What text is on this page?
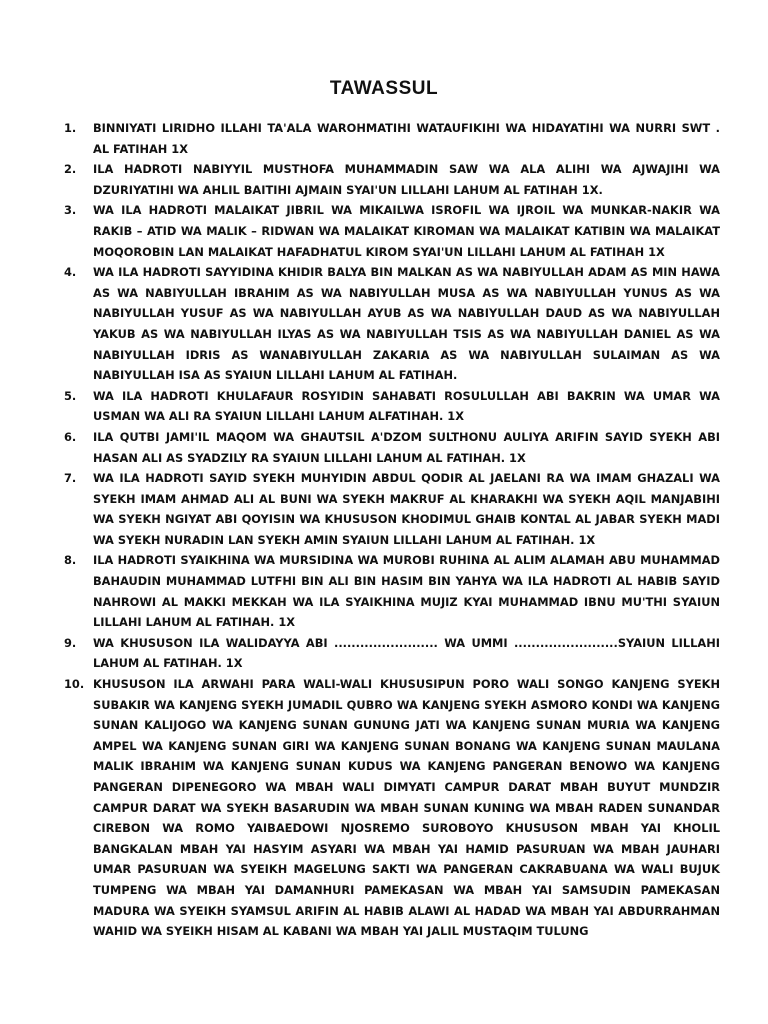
TAWASSUL
1. BINNIYATI LIRIDHO ILLAHI TA'ALA WAROHMATIHI WATAUFIKIHI WA HIDAYATIHI WA NURRI SWT . AL FATIHAH 1X
2. ILA HADROTI NABIYYIL MUSTHOFA MUHAMMADIN SAW WA ALA ALIHI WA AJWAJIHI WA DZURIYATIHI WA AHLIL BAITIHI AJMAIN SYAI'UN LILLAHI LAHUM AL FATIHAH 1X.
3. WA ILA HADROTI MALAIKAT JIBRIL WA MIKAILWA ISROFIL WA IJROIL WA MUNKAR-NAKIR WA RAKIB – ATID WA MALIK – RIDWAN WA MALAIKAT KIROMAN WA MALAIKAT KATIBIN WA MALAIKAT MOQOROBIN LAN MALAIKAT HAFADHATUL KIROM SYAI'UN LILLAHI LAHUM AL FATIHAH 1X
4. WA ILA HADROTI SAYYIDINA KHIDIR BALYA BIN MALKAN AS WA NABIYULLAH ADAM AS MIN HAWA AS WA NABIYULLAH IBRAHIM AS WA NABIYULLAH MUSA AS WA NABIYULLAH YUNUS AS WA NABIYULLAH YUSUF AS WA NABIYULLAH AYUB AS WA NABIYULLAH DAUD AS WA NABIYULLAH YAKUB AS WA NABIYULLAH ILYAS AS WA NABIYULLAH TSIS AS WA NABIYULLAH DANIEL AS WA NABIYULLAH IDRIS AS WANABIYULLAH ZAKARIA AS WA NABIYULLAH SULAIMAN AS WA NABIYULLAH ISA AS SYAIUN LILLAHI LAHUM AL FATIHAH.
5. WA ILA HADROTI KHULAFAUR ROSYIDIN SAHABATI ROSULULLAH ABI BAKRIN WA UMAR WA USMAN WA ALI RA SYAIUN LILLAHI LAHUM ALFATIHAH. 1X
6. ILA QUTBI JAMI'IL MAQOM WA GHAUTSIL A'DZOM SULTHONU AULIYA ARIFIN SAYID SYEKH ABI HASAN ALI AS SYADZILY RA SYAIUN LILLAHI LAHUM AL FATIHAH. 1X
7. WA ILA HADROTI SAYID SYEKH MUHYIDIN ABDUL QODIR AL JAELANI RA WA IMAM GHAZALI WA SYEKH IMAM AHMAD ALI AL BUNI WA SYEKH MAKRUF AL KHARAKHI WA SYEKH AQIL MANJABIHI WA SYEKH NGIYAT ABI QOYISIN WA KHUSUSON KHODIMUL GHAIB KONTAL AL JABAR SYEKH MADI WA SYEKH NURADIN LAN SYEKH AMIN SYAIUN LILLAHI LAHUM AL FATIHAH. 1X
8. ILA HADROTI SYAIKHINA WA MURSIDINA WA MUROBI RUHINA AL ALIM ALAMAH ABU MUHAMMAD BAHAUDIN MUHAMMAD LUTFHI BIN ALI BIN HASIM BIN YAHYA WA ILA HADROTI AL HABIB SAYID NAHROWI AL MAKKI MEKKAH WA ILA SYAIKHINA MUJIZ KYAI MUHAMMAD IBNU MU'THI SYAIUN LILLAHI LAHUM AL FATIHAH. 1X
9. WA KHUSUSON ILA WALIDAYYA ABI ........................ WA UMMI ........................SYAIUN LILLAHI LAHUM AL FATIHAH. 1X
10. KHUSUSON ILA ARWAHI PARA WALI-WALI KHUSUSIPUN PORO WALI SONGO KANJENG SYEKH SUBAKIR WA KANJENG SYEKH JUMADIL QUBRO WA KANJENG SYEKH ASMORO KONDI WA KANJENG SUNAN KALIJOGO WA KANJENG SUNAN GUNUNG JATI WA KANJENG SUNAN MURIA WA KANJENG AMPEL WA KANJENG SUNAN GIRI WA KANJENG SUNAN BONANG WA KANJENG SUNAN MAULANA MALIK IBRAHIM WA KANJENG SUNAN KUDUS WA KANJENG PANGERAN BENOWO WA KANJENG PANGERAN DIPENEGORO WA MBAH WALI DIMYATI CAMPUR DARAT MBAH BUYUT MUNDZIR CAMPUR DARAT WA SYEKH BASARUDIN WA MBAH SUNAN KUNING WA MBAH RADEN SUNANDAR CIREBON WA ROMO YAIBAEDOWI NJOSREMO SUROBOYO KHUSUSON MBAH YAI KHOLIL BANGKALAN MBAH YAI HASYIM ASYARI WA MBAH YAI HAMID PASURUAN WA MBAH JAUHARI UMAR PASURUAN WA SYEIKH MAGELUNG SAKTI WA PANGERAN CAKRABUANA WA WALI BUJUK TUMPENG WA MBAH YAI DAMANHURI PAMEKASAN WA MBAH YAI SAMSUDIN PAMEKASAN MADURA WA SYEIKH SYAMSUL ARIFIN AL HABIB ALAWI AL HADAD WA MBAH YAI ABDURRAHMAN WAHID WA SYEIKH HISAM AL KABANI WA MBAH YAI JALIL MUSTAQIM TULUNG
